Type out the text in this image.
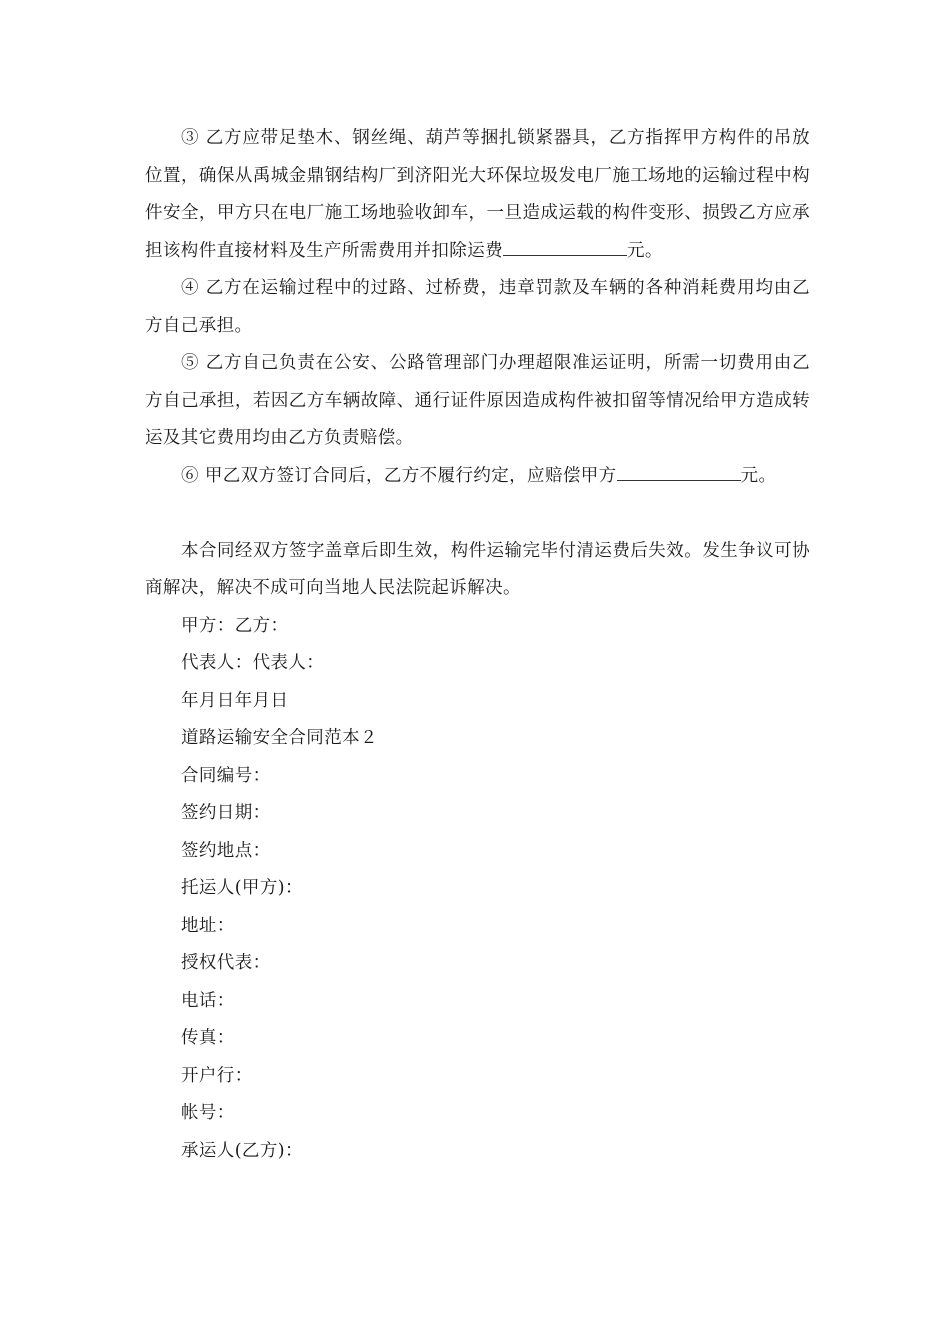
③ 乙方应带足垫木、钢丝绳、葫芦等捆扎锁紧器具，乙方指挥甲方构件的吊放位置，确保从禹城金鼎钢结构厂到济阳光大环保垃圾发电厂施工场地的运输过程中构件安全，甲方只在电厂施工场地验收卸车，一旦造成运载的构件变形、损毁乙方应承担该构件直接材料及生产所需费用并扣除运费	元。

④ 乙方在运输过程中的过路、过桥费，违章罚款及车辆的各种消耗费用均由乙方自己承担。

⑤ 乙方自己负责在公安、公路管理部门办理超限准运证明，所需一切费用由乙方自己承担，若因乙方车辆故障、通行证件原因造成构件被扣留等情况给甲方造成转运及其它费用均由乙方负责赔偿。

⑥ 甲乙双方签订合同后，乙方不履行约定，应赔偿甲方	元。

本合同经双方签字盖章后即生效，构件运输完毕付清运费后失效。发生争议可协商解决，解决不成可向当地人民法院起诉解决。

甲方：乙方：

代表人：代表人：

年月日年月日

道路运输安全合同范本２

合同编号：

签约日期：

签约地点：

托运人(甲方)：

地址：

授权代表：

电话：

传真：

开户行：

帐号：

承运人(乙方)：
